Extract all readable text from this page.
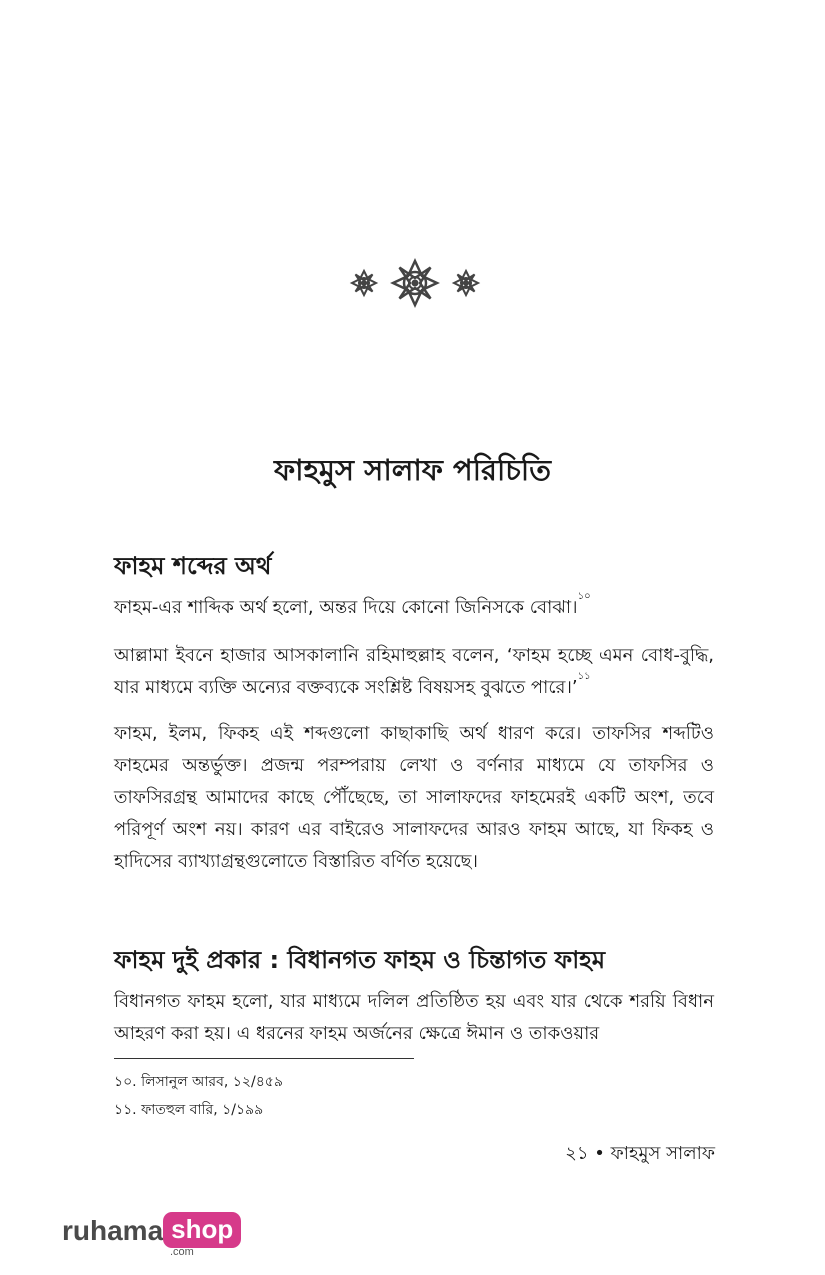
ফাহমুস সালাফ পরিচিতি
ফাহম শব্দের অর্থ

ফাহম-এর শাব্দিক অর্থ হলো, অন্তর দিয়ে কোনো জিনিসকে বোঝা।$^{১০}$

আল্লামা ইবনে হাজার আসকালানি রহিমাহুল্লাহ বলেন, ‘ফাহম হচ্ছে এমন বোধ-বুদ্ধি, যার মাধ্যমে ব্যক্তি অন্যের বক্তব্যকে সংশ্লিষ্ট বিষয়সহ বুঝতে পারে।’$^{১১}$

ফাহম, ইলম, ফিকহ এই শব্দগুলো কাছাকাছি অর্থ ধারণ করে। তাফসির শব্দটিও ফাহমের অন্তর্ভুক্ত। প্রজন্ম পরম্পরায় লেখা ও বর্ণনার মাধ্যমে যে তাফসির ও তাফসিরগ্রন্থ আমাদের কাছে পৌঁছেছে, তা সালাফদের ফাহমেরই একটি অংশ, তবে পরিপূর্ণ অংশ নয়। কারণ এর বাইরেও সালাফদের আরও ফাহম আছে, যা ফিকহ ও হাদিসের ব্যাখ্যাগ্রন্থগুলোতে বিস্তারিত বর্ণিত হয়েছে।

ফাহম দুই প্রকার : বিধানগত ফাহম ও চিন্তাগত ফাহম

বিধানগত ফাহম হলো, যার মাধ্যমে দলিল প্রতিষ্ঠিত হয় এবং যার থেকে শরয়ি বিধান আহরণ করা হয়। এ ধরনের ফাহম অর্জনের ক্ষেত্রে ঈমান ও তাকওয়ার

১০. লিসানুল আরব, ১২/৪৫৯
১১. ফাতহুল বারি, ১/১৯৯
২১ • ফাহমুস সালাফ
ruhama shop
.com
